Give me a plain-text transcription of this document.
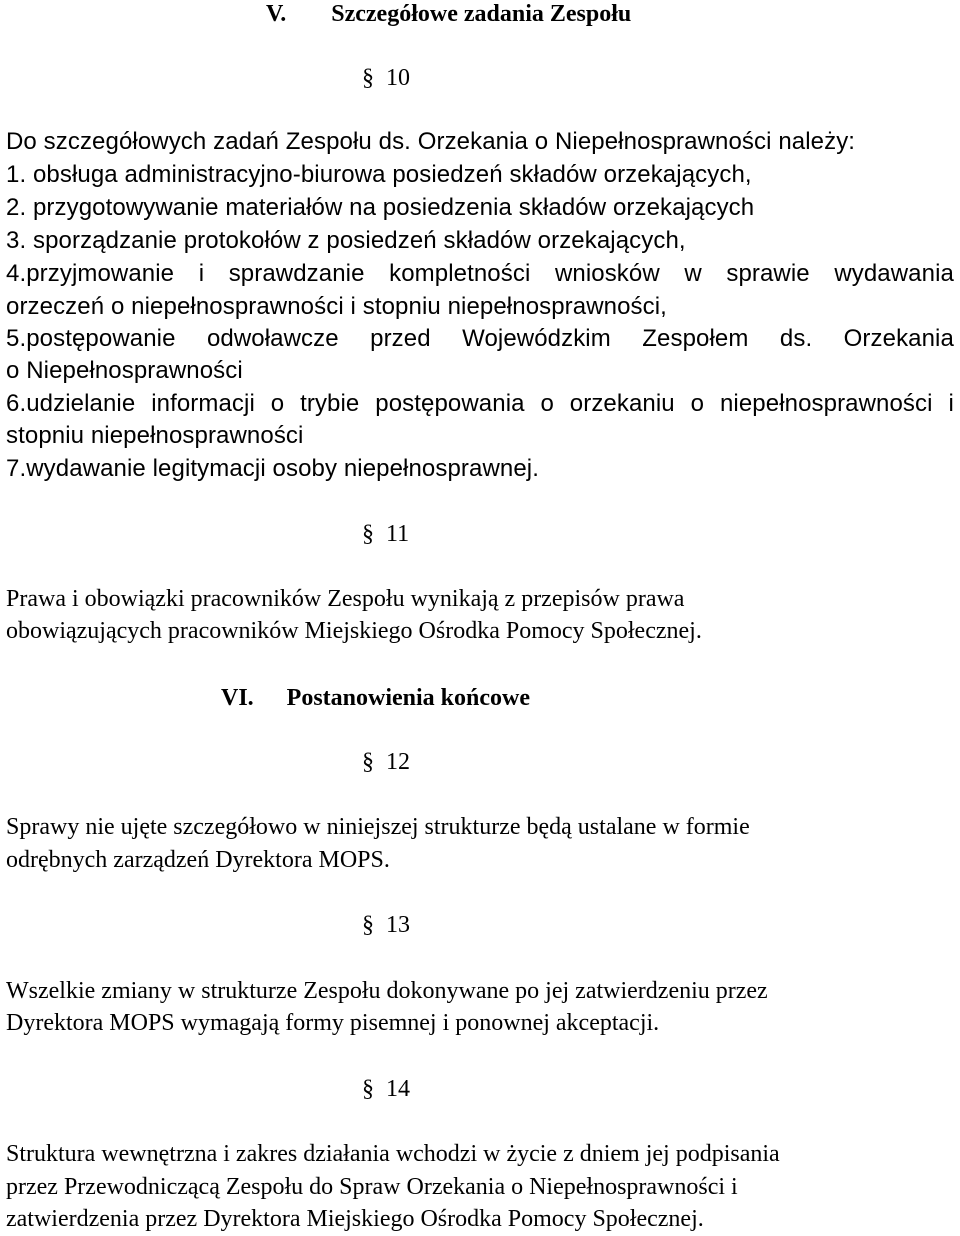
V. Szczegółowe zadania Zespołu
§ 10
Do szczegółowych zadań Zespołu ds. Orzekania o Niepełnosprawności należy:
1. obsługa administracyjno-biurowa posiedzeń składów orzekających,
2. przygotowywanie materiałów na posiedzenia składów orzekających
3. sporządzanie protokołów z posiedzeń składów orzekających,
4.przyjmowanie i sprawdzanie kompletności wniosków w sprawie wydawania
orzeczeń o niepełnosprawności i stopniu niepełnosprawności,
5.postępowanie odwoławcze przed Wojewódzkim Zespołem ds. Orzekania
o Niepełnosprawności
6.udzielanie informacji o trybie postępowania o orzekaniu o niepełnosprawności i
stopniu niepełnosprawności
7.wydawanie legitymacji osoby niepełnosprawnej.
§ 11
Prawa i obowiązki pracowników Zespołu wynikają z przepisów prawa
obowiązujących pracowników Miejskiego Ośrodka Pomocy Społecznej.
VI. Postanowienia końcowe
§ 12
Sprawy nie ujęte szczegółowo w niniejszej strukturze będą ustalane w formie
odrębnych zarządzeń Dyrektora MOPS.
§ 13
Wszelkie zmiany w strukturze Zespołu dokonywane po jej zatwierdzeniu przez
Dyrektora MOPS wymagają formy pisemnej i ponownej akceptacji.
§ 14
Struktura wewnętrzna i zakres działania wchodzi w życie z dniem jej podpisania
przez Przewodniczącą Zespołu do Spraw Orzekania o Niepełnosprawności i
zatwierdzenia przez Dyrektora Miejskiego Ośrodka Pomocy Społecznej.
